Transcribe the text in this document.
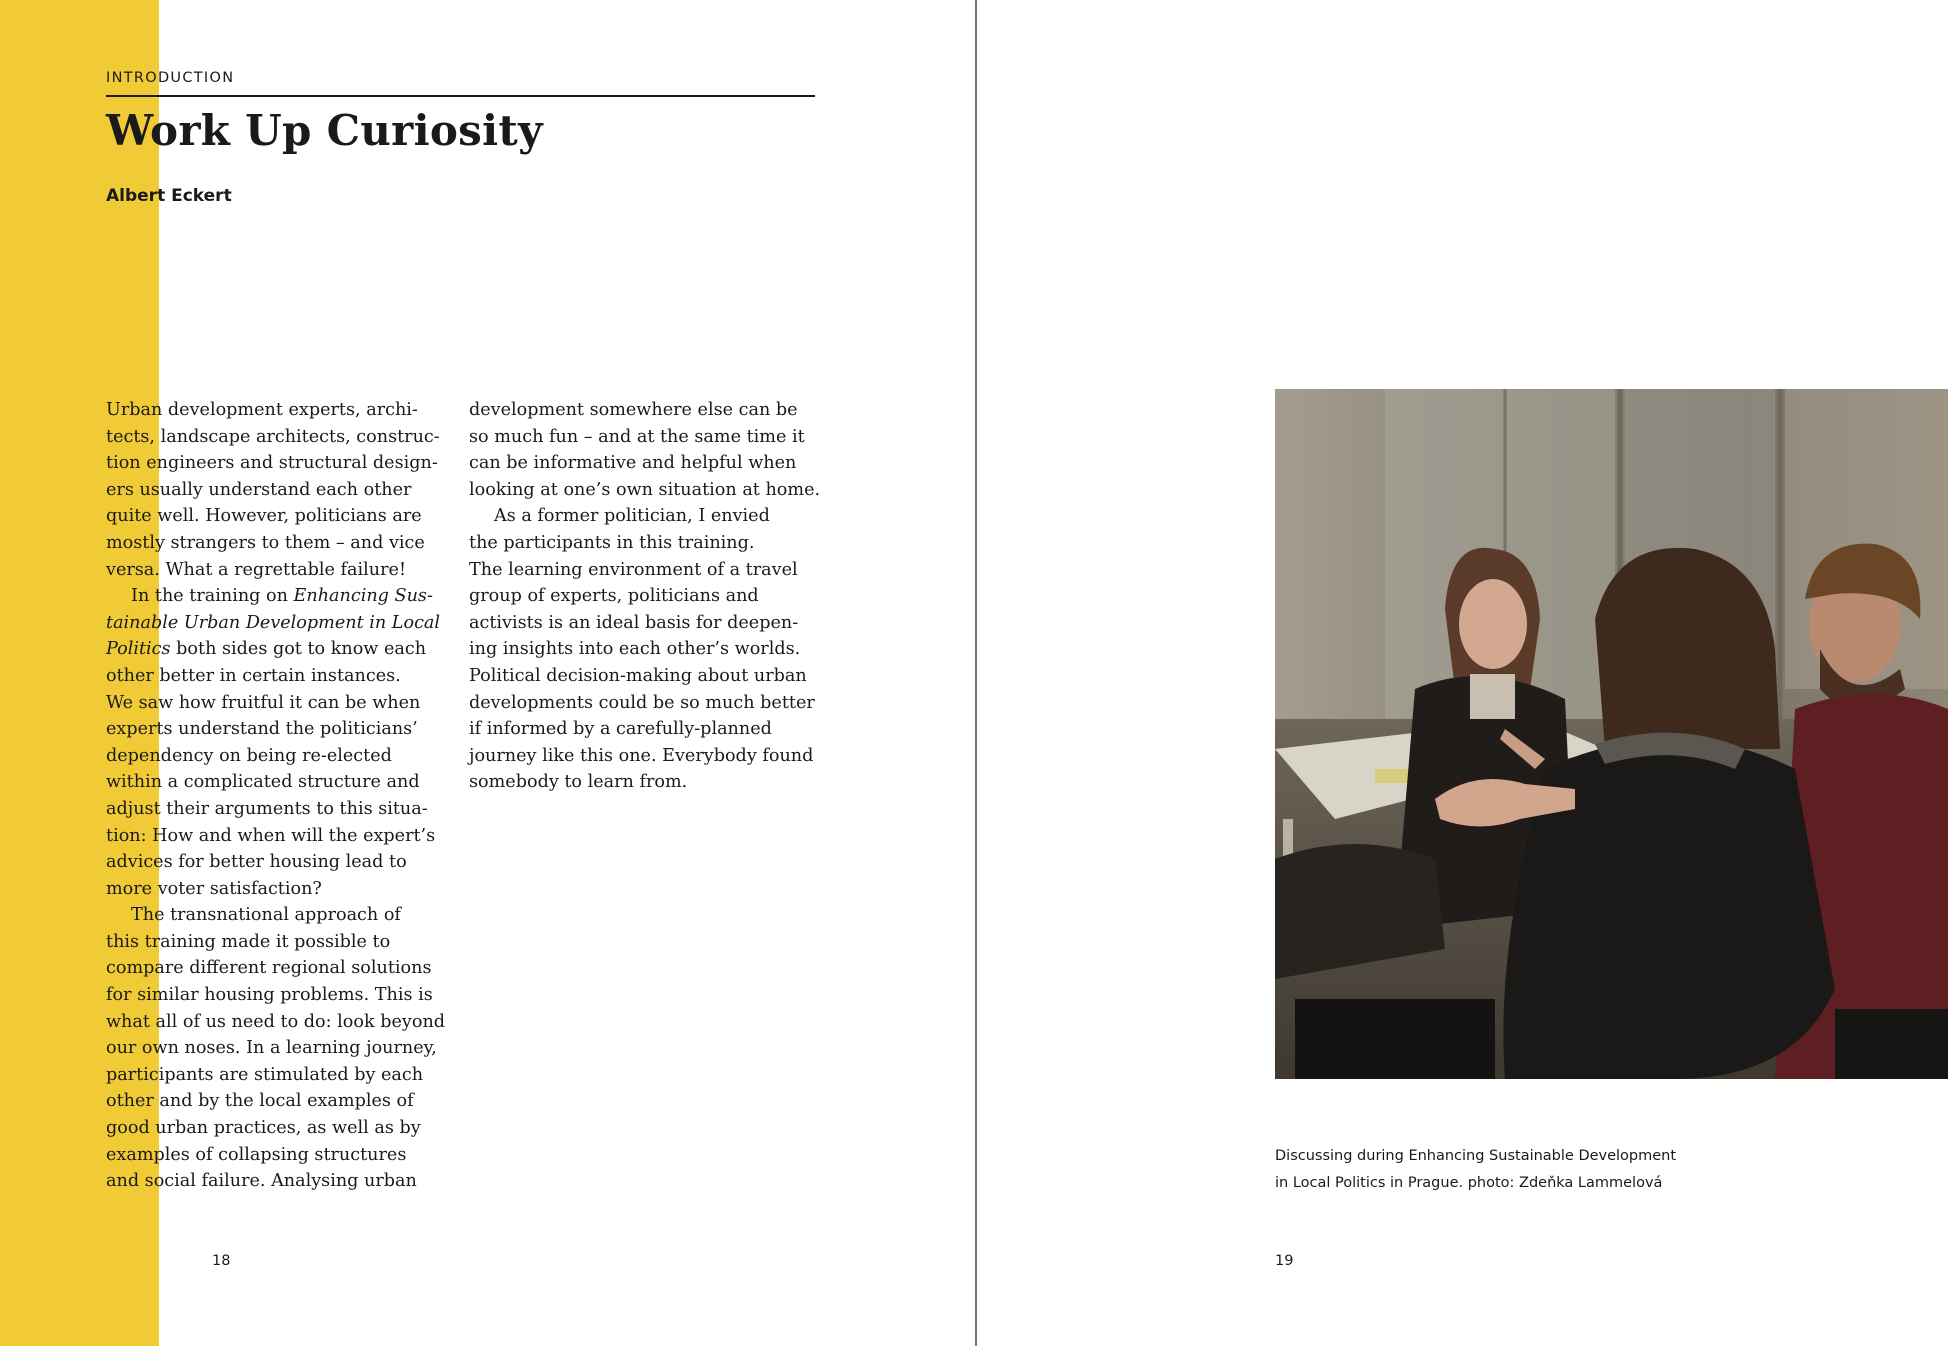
INTRODUCTION
Work Up Curiosity
Albert Eckert
Urban development experts, archi-
tects, landscape architects, construc-
tion engineers and structural design-
ers usually understand each other
quite well. However, politicians are
mostly strangers to them – and vice
versa. What a regrettable failure!
In the training on Enhancing Sus-
tainable Urban Development in Local
Politics both sides got to know each
other better in certain instances.
We saw how fruitful it can be when
experts understand the politicians’
dependency on being re-elected
within a complicated structure and
adjust their arguments to this situa-
tion: How and when will the expert’s
advices for better housing lead to
more voter satisfaction?
The transnational approach of
this training made it possible to
compare different regional solutions
for similar housing problems. This is
what all of us need to do: look beyond
our own noses. In a learning journey,
participants are stimulated by each
other and by the local examples of
good urban practices, as well as by
examples of collapsing structures
and social failure. Analysing urban
development somewhere else can be
so much fun – and at the same time it
can be informative and helpful when
looking at one’s own situation at home.
As a former politician, I envied
the participants in this training.
The learning environment of a travel
group of experts, politicians and
activists is an ideal basis for deepen-
ing insights into each other’s worlds.
Political decision-making about urban
developments could be so much better
if informed by a carefully-planned
journey like this one. Everybody found
somebody to learn from.
18
Discussing during Enhancing Sustainable Development
in Local Politics in Prague. photo: Zdeňka Lammelová
19
